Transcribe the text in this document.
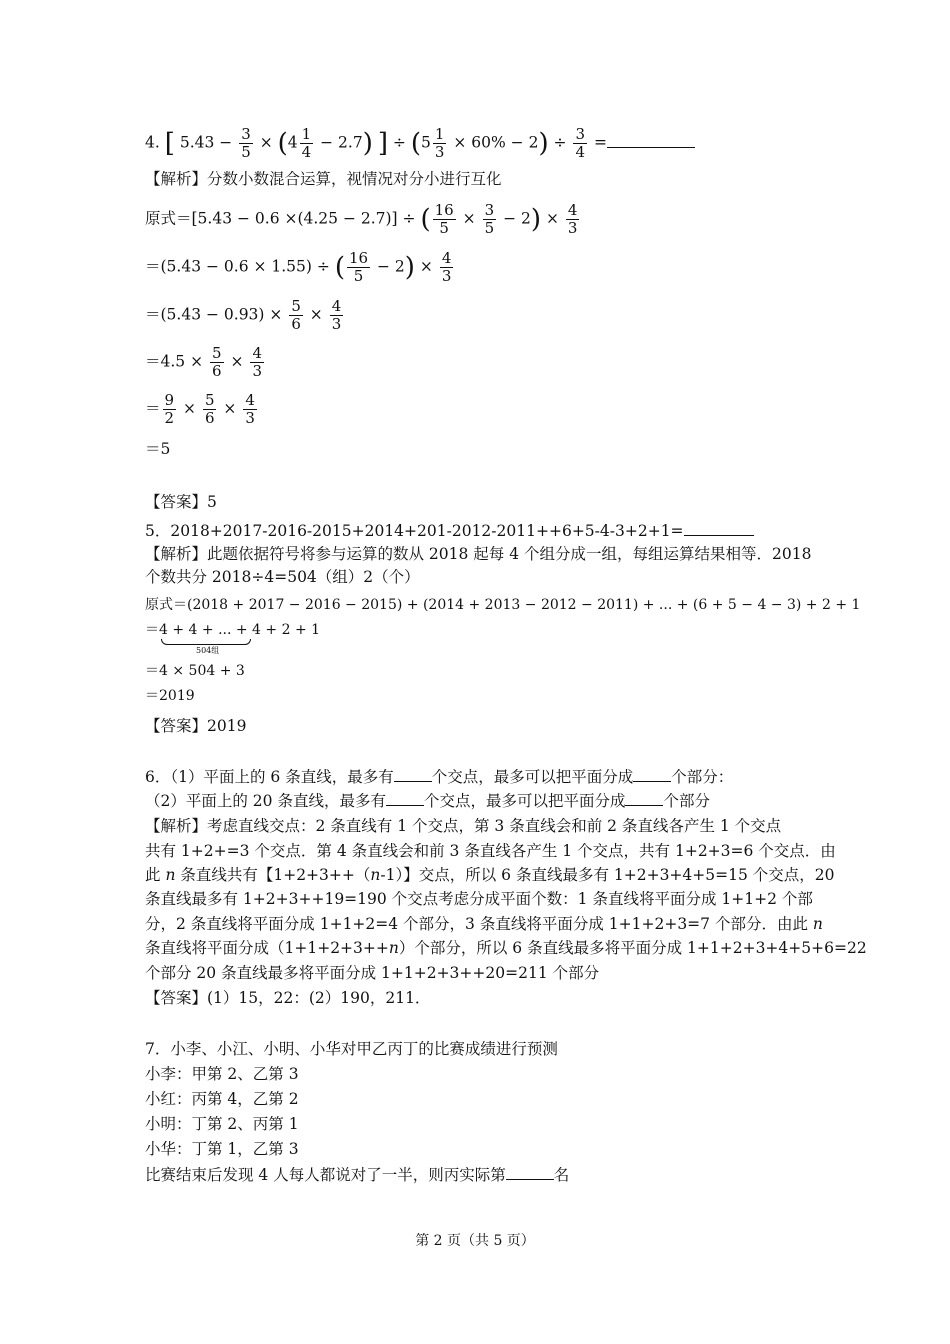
4. [ $5.43 - \frac{3}{5} \times (4 \frac{1}{4} - 2.7)$ ] ÷ $(5 \frac{1}{3} \times 60\% - 2) \div \frac{3}{4}$ =
【解析】分数小数混合运算，视情况对分小进行互化
原式＝[5.43 − 0.6 ×(4.25 − 2.7)] ÷ ( $\frac{16}{5} \times \frac{3}{5} - 2) \times \frac{4}{3}$
＝(5.43 − 0.6 × 1.55) ÷ ( $\frac{16}{5} - 2) \times \frac{4}{3}$
$=(5.43 - 0.93) \times \frac{5}{6} \times \frac{4}{3}$
$=4.5 \times \frac{5}{6} \times \frac{4}{3}$
＝ $\frac{9}{2} \times \frac{5}{6} \times \frac{4}{3}$
＝5
【答案】5
5．2018+2017-2016-2015+2014+201-2012-2011++6+5-4-3+2+1=
【解析】此题依据符号将参与运算的数从 2018 起每 4 个组分成一组，每组运算结果相等．2018
个数共分 2018÷4=504（组）2（个）
原式＝(2018 + 2017 − 2016 − 2015) + (2014 + 2013 − 2012 − 2011) + ... + (6 + 5 − 4 − 3) + 2 + 1
＝4 + 4 + ... + 4 + 2 + 1
504组
＝4 × 504 + 3
＝2019
【答案】2019
6．（1）平面上的 6 条直线，最多有 个交点，最多可以把平面分成 个部分：
（2）平面上的 20 条直线，最多有 个交点，最多可以把平面分成 个部分
【解析】考虑直线交点：2 条直线有 1 个交点，第 3 条直线会和前 2 条直线各产生 1 个交点
共有 1+2+=3 个交点．第 4 条直线会和前 3 条直线各产生 1 个交点，共有 1+2+3=6 个交点．由
此 n 条直线共有【1+2+3++（n-1）】交点，所以 6 条直线最多有 1+2+3+4+5=15 个交点，20
条直线最多有 1+2+3++19=190 个交点考虑分成平面个数：1 条直线将平面分成 1+1+2 个部
分，2 条直线将平面分成 1+1+2=4 个部分，3 条直线将平面分成 1+1+2+3=7 个部分．由此 n
条直线将平面分成（1+1+2+3++n）个部分，所以 6 条直线最多将平面分成 1+1+2+3+4+5+6=22
个部分 20 条直线最多将平面分成 1+1+2+3++20=211 个部分
【答案】(1）15，22：(2）190，211．
7．小李、小江、小明、小华对甲乙丙丁的比赛成绩进行预测
小李：甲第 2、乙第 3
小红：丙第 4，乙第 2
小明：丁第 2、丙第 1
小华：丁第 1，乙第 3
比赛结束后发现 4 人每人都说对了一半，则丙实际第	名
第 2 页（共 5 页）
